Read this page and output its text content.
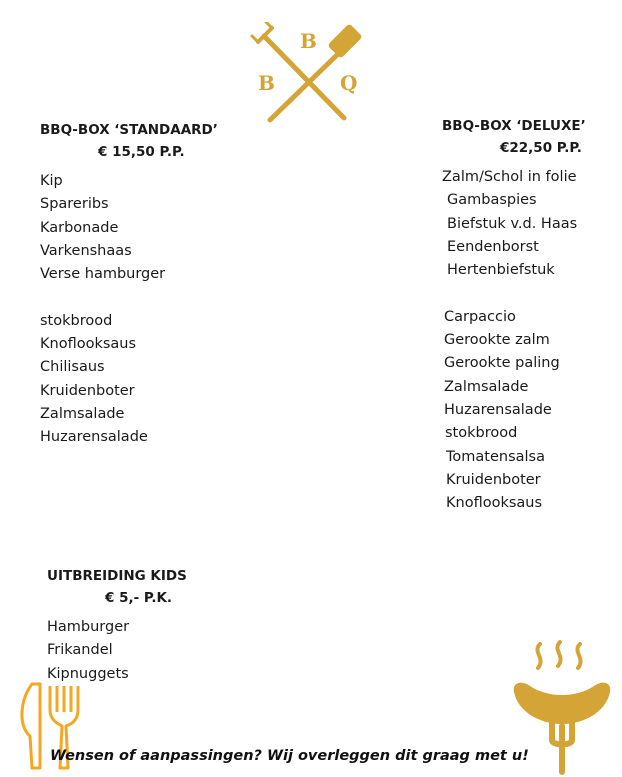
B
B	Q

BBQ-BOX ‘STANDAARD’

€ 15,50 P.P.

Kip
Spareribs
Karbonade
Varkenshaas
Verse hamburger
stokbrood
Knoflooksaus
Chilisaus
Kruidenboter
Zalmsalade
Huzarensalade

BBQ-BOX ‘DELUXE’

€22,50 P.P.

Zalm/Schol in folie
Gambaspies
Biefstuk v.d. Haas
Eendenborst
Hertenbiefstuk
Carpaccio
Gerookte zalm
Gerookte paling
Zalmsalade
Huzarensalade
stokbrood
Tomatensalsa
Kruidenboter
Knoflooksaus

UITBREIDING KIDS

€ 5,- P.K.

Hamburger
Frikandel
Kipnuggets
Wensen of aanpassingen? Wij overleggen dit graag met u!
